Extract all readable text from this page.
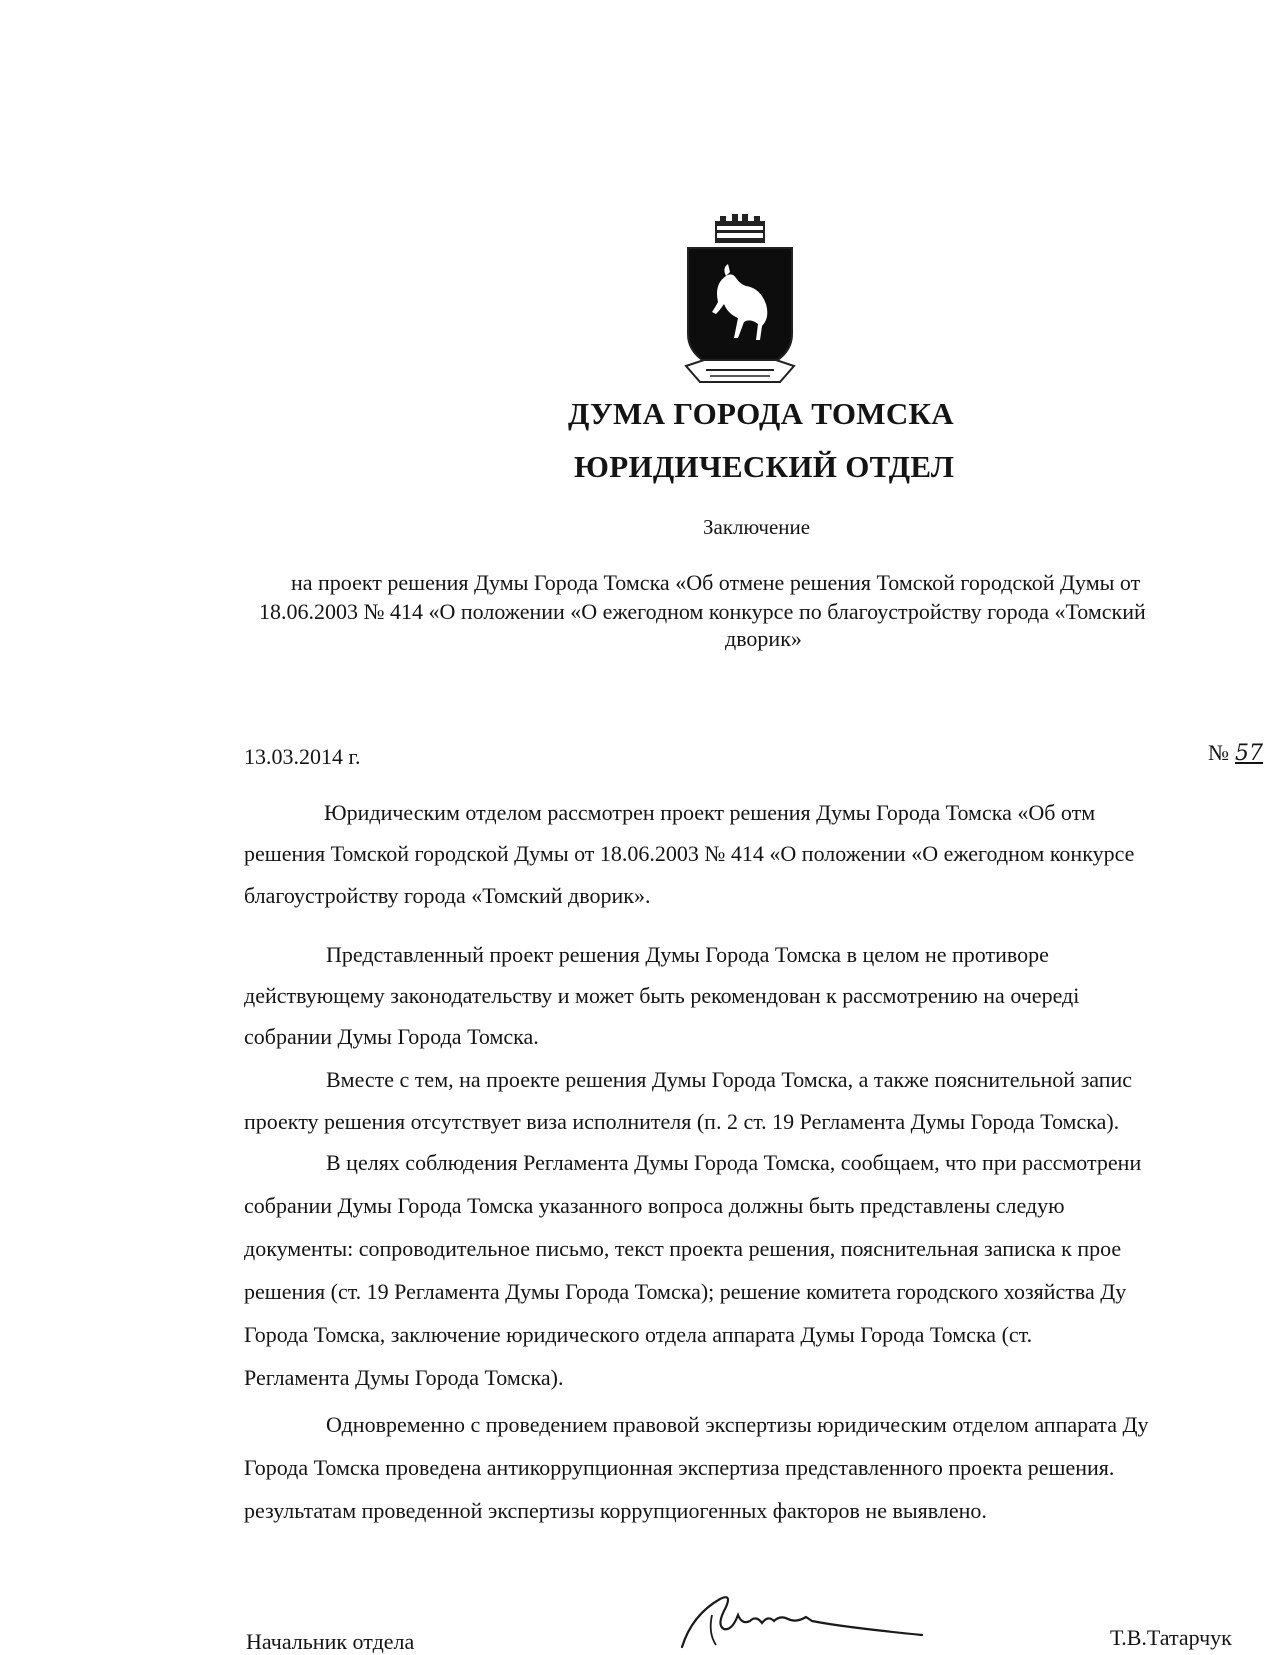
ДУМА ГОРОДА ТОМСКА
ЮРИДИЧЕСКИЙ ОТДЕЛ
Заключение
на проект решения Думы Города Томска «Об отмене решения Томской городской Думы от
18.06.2003 № 414 «О положении «О ежегодном конкурсе по благоустройству города «Томский
дворик»
13.03.2014 г.	№ 57
Юридическим отделом рассмотрен проект решения Думы Города Томска «Об отм
решения Томской городской Думы от 18.06.2003 № 414 «О положении «О ежегодном конкурсе
благоустройству города «Томский дворик».
Представленный проект решения Думы Города Томска в целом не противоре
действующему законодательству и может быть рекомендован к рассмотрению на очереді
собрании Думы Города Томска.
Вместе с тем, на проекте решения Думы Города Томска, а также пояснительной запис
проекту решения отсутствует виза исполнителя (п. 2 ст. 19 Регламента Думы Города Томска).
В целях соблюдения Регламента Думы Города Томска, сообщаем, что при рассмотрени
собрании Думы Города Томска указанного вопроса должны быть представлены следую
документы: сопроводительное письмо, текст проекта решения, пояснительная записка к прое
решения (ст. 19 Регламента Думы Города Томска); решение комитета городского хозяйства Ду
Города Томска, заключение юридического отдела аппарата Думы Города Томска (ст.
Регламента Думы Города Томска).
Одновременно с проведением правовой экспертизы юридическим отделом аппарата Ду
Города Томска проведена антикоррупционная экспертиза представленного проекта решения.
результатам проведенной экспертизы коррупциогенных факторов не выявлено.
Начальник отдела	Т.В.Татарчук
